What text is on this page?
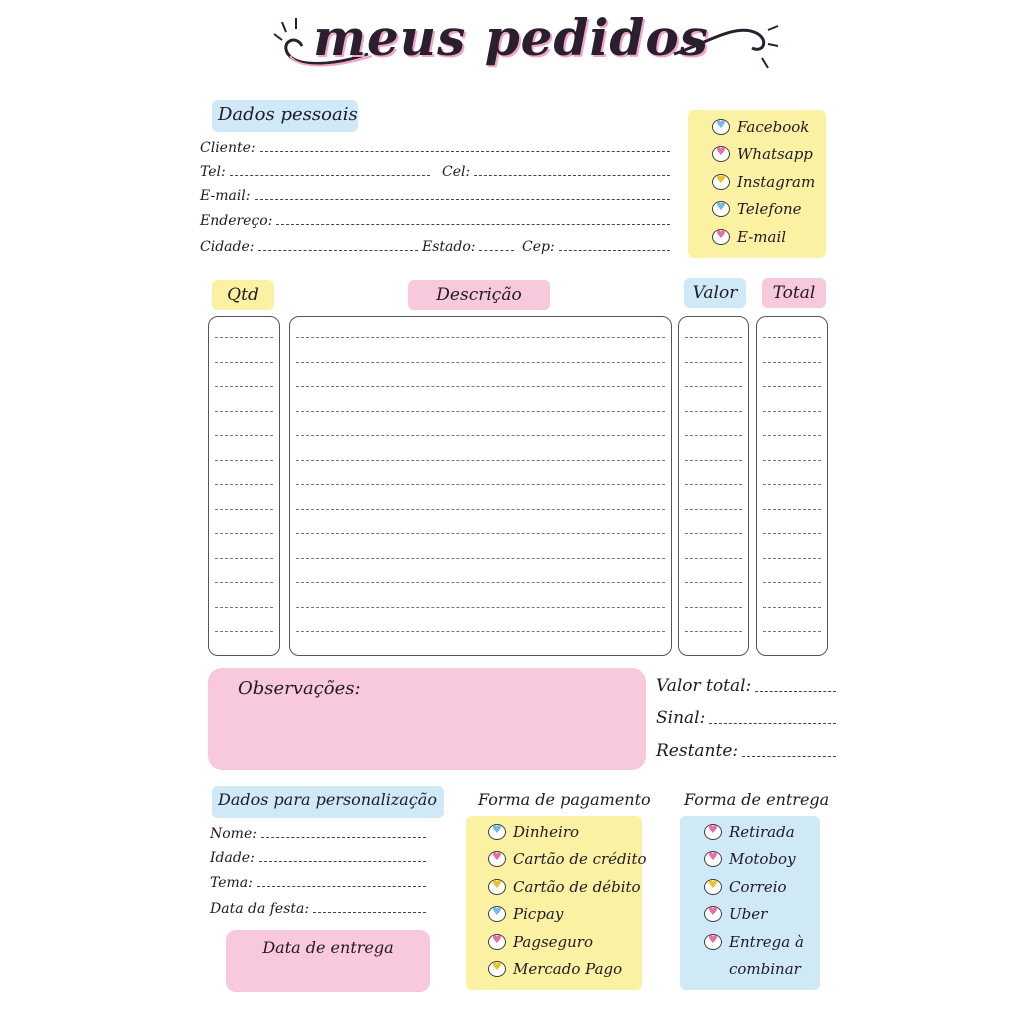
meus pedidos
Dados pessoais
Cliente:
Tel:	Cel:
E-mail:
Endereço:
Cidade:	Estado:	Cep:
♥
Facebook
♥
Whatsapp
♥
Instagram
♥
Telefone
♥
E-mail
Qtd	Descrição	Valor	Total
Observações:	Valor total:
Sinal:
Restante:
Dados para personalização
Nome:
Idade:
Tema:
Data da festa:
Data de entrega
Forma de pagamento
♥
Dinheiro
♥
Cartão de crédito
♥
Cartão de débito
♥
Picpay
♥
Pagseguro
♥
Mercado Pago
Forma de entrega
♥
Retirada
♥
Motoboy
♥
Correio
♥
Uber
♥
Entrega à
combinar
